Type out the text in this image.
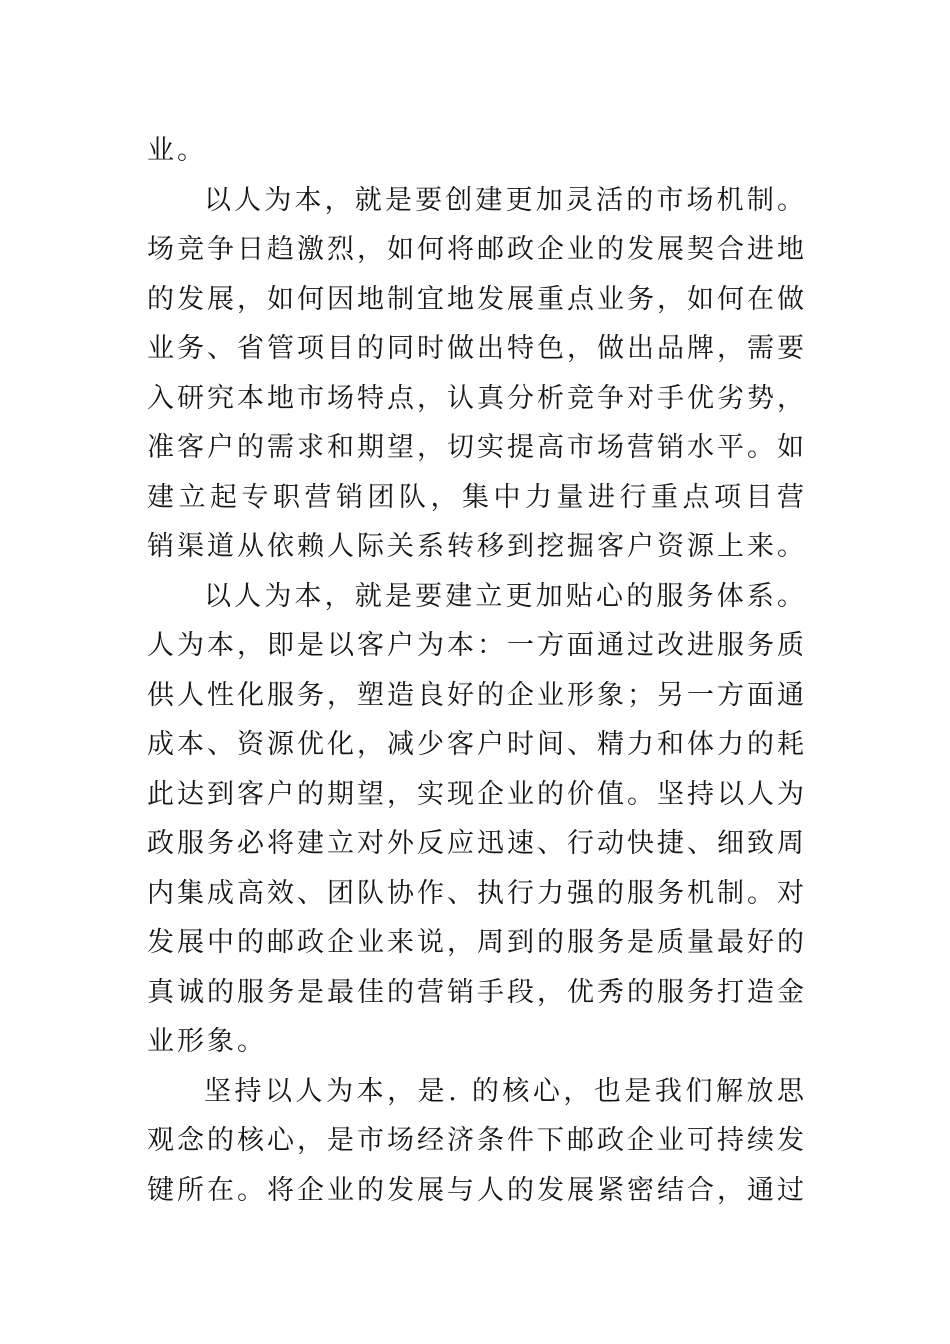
业。
以人为本，就是要创建更加灵活的市场机制。
场竞争日趋激烈，如何将邮政企业的发展契合进地
的发展，如何因地制宜地发展重点业务，如何在做
业务、省管项目的同时做出特色，做出品牌，需要
入研究本地市场特点，认真分析竞争对手优劣势，
准客户的需求和期望，切实提高市场营销水平。如
建立起专职营销团队，集中力量进行重点项目营
销渠道从依赖人际关系转移到挖掘客户资源上来。
以人为本，就是要建立更加贴心的服务体系。
人为本，即是以客户为本：一方面通过改进服务质
供人性化服务，塑造良好的企业形象；另一方面通
成本、资源优化，减少客户时间、精力和体力的耗
此达到客户的期望，实现企业的价值。坚持以人为
政服务必将建立对外反应迅速、行动快捷、细致周
内集成高效、团队协作、执行力强的服务机制。对
发展中的邮政企业来说，周到的服务是质量最好的
真诚的服务是最佳的营销手段，优秀的服务打造金
业形象。
坚持以人为本，是. 的核心，也是我们解放思
观念的核心，是市场经济条件下邮政企业可持续发
键所在。将企业的发展与人的发展紧密结合，通过
